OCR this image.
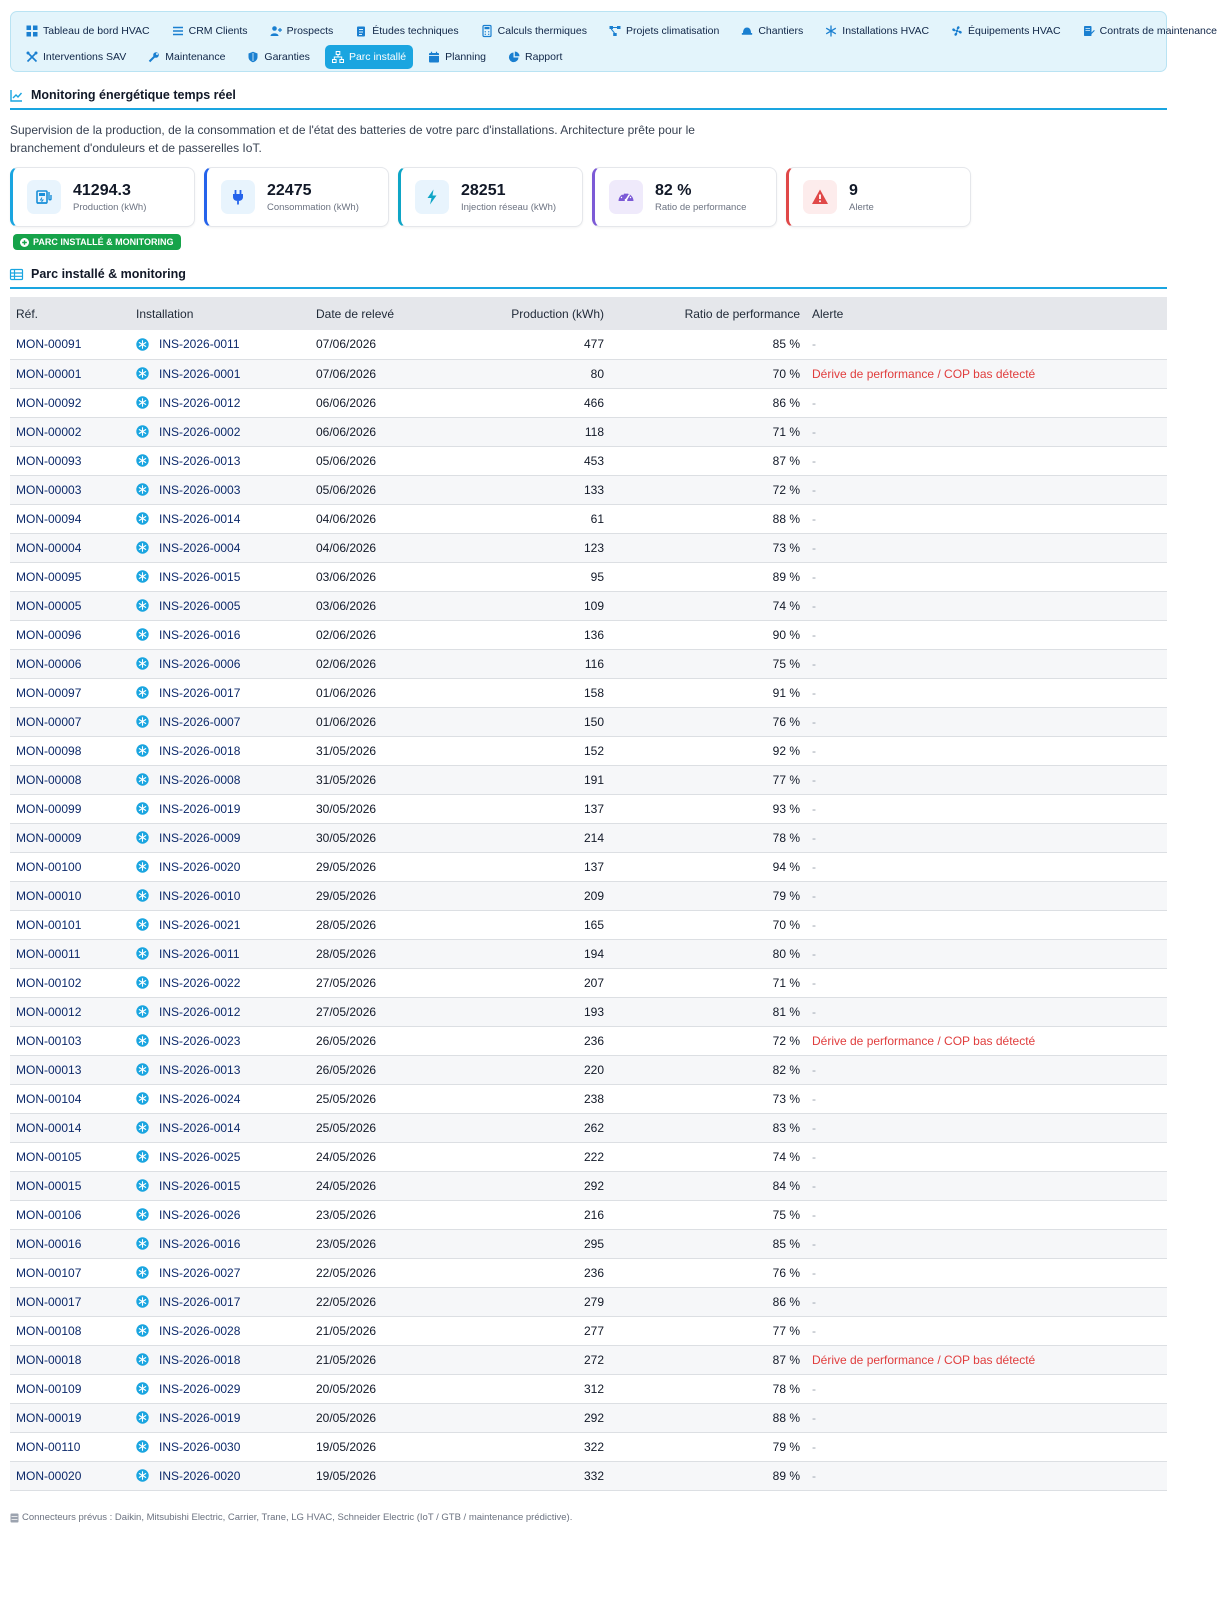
Tableau de bord HVAC	CRM Clients	Prospects	Études techniques	Calculs thermiques	Projets climatisation	Chantiers	Installations HVAC	Équipements HVAC	Contrats de maintenance
Interventions SAV	Maintenance	Garanties	Parc installé	Planning	Rapport
Monitoring énergétique temps réel

Supervision de la production, de la consommation et de l'état des batteries de votre parc d'installations. Architecture prête pour le branchement d'onduleurs et de passerelles IoT.

41294.3
Production (kWh)
22475
Consommation (kWh)
28251
Injection réseau (kWh)
82 %
Ratio de performance
9
Alerte
PARC INSTALLÉ & MONITORING
Parc installé & monitoring
Réf.	Installation	Date de relevé	Production (kWh)	Ratio de performance	Alerte
MON-00091	INS-2026-0011	07/06/2026	477	85 %	-
MON-00001	INS-2026-0001	07/06/2026	80	70 %	Dérive de performance / COP bas détecté
MON-00092	INS-2026-0012	06/06/2026	466	86 %	-
MON-00002	INS-2026-0002	06/06/2026	118	71 %	-
MON-00093	INS-2026-0013	05/06/2026	453	87 %	-
MON-00003	INS-2026-0003	05/06/2026	133	72 %	-
MON-00094	INS-2026-0014	04/06/2026	61	88 %	-
MON-00004	INS-2026-0004	04/06/2026	123	73 %	-
MON-00095	INS-2026-0015	03/06/2026	95	89 %	-
MON-00005	INS-2026-0005	03/06/2026	109	74 %	-
MON-00096	INS-2026-0016	02/06/2026	136	90 %	-
MON-00006	INS-2026-0006	02/06/2026	116	75 %	-
MON-00097	INS-2026-0017	01/06/2026	158	91 %	-
MON-00007	INS-2026-0007	01/06/2026	150	76 %	-
MON-00098	INS-2026-0018	31/05/2026	152	92 %	-
MON-00008	INS-2026-0008	31/05/2026	191	77 %	-
MON-00099	INS-2026-0019	30/05/2026	137	93 %	-
MON-00009	INS-2026-0009	30/05/2026	214	78 %	-
MON-00100	INS-2026-0020	29/05/2026	137	94 %	-
MON-00010	INS-2026-0010	29/05/2026	209	79 %	-
MON-00101	INS-2026-0021	28/05/2026	165	70 %	-
MON-00011	INS-2026-0011	28/05/2026	194	80 %	-
MON-00102	INS-2026-0022	27/05/2026	207	71 %	-
MON-00012	INS-2026-0012	27/05/2026	193	81 %	-
MON-00103	INS-2026-0023	26/05/2026	236	72 %	Dérive de performance / COP bas détecté
MON-00013	INS-2026-0013	26/05/2026	220	82 %	-
MON-00104	INS-2026-0024	25/05/2026	238	73 %	-
MON-00014	INS-2026-0014	25/05/2026	262	83 %	-
MON-00105	INS-2026-0025	24/05/2026	222	74 %	-
MON-00015	INS-2026-0015	24/05/2026	292	84 %	-
MON-00106	INS-2026-0026	23/05/2026	216	75 %	-
MON-00016	INS-2026-0016	23/05/2026	295	85 %	-
MON-00107	INS-2026-0027	22/05/2026	236	76 %	-
MON-00017	INS-2026-0017	22/05/2026	279	86 %	-
MON-00108	INS-2026-0028	21/05/2026	277	77 %	-
MON-00018	INS-2026-0018	21/05/2026	272	87 %	Dérive de performance / COP bas détecté
MON-00109	INS-2026-0029	20/05/2026	312	78 %	-
MON-00019	INS-2026-0019	20/05/2026	292	88 %	-
MON-00110	INS-2026-0030	19/05/2026	322	79 %	-
MON-00020	INS-2026-0020	19/05/2026	332	89 %	-
Connecteurs prévus : Daikin, Mitsubishi Electric, Carrier, Trane, LG HVAC, Schneider Electric (IoT / GTB / maintenance prédictive).
